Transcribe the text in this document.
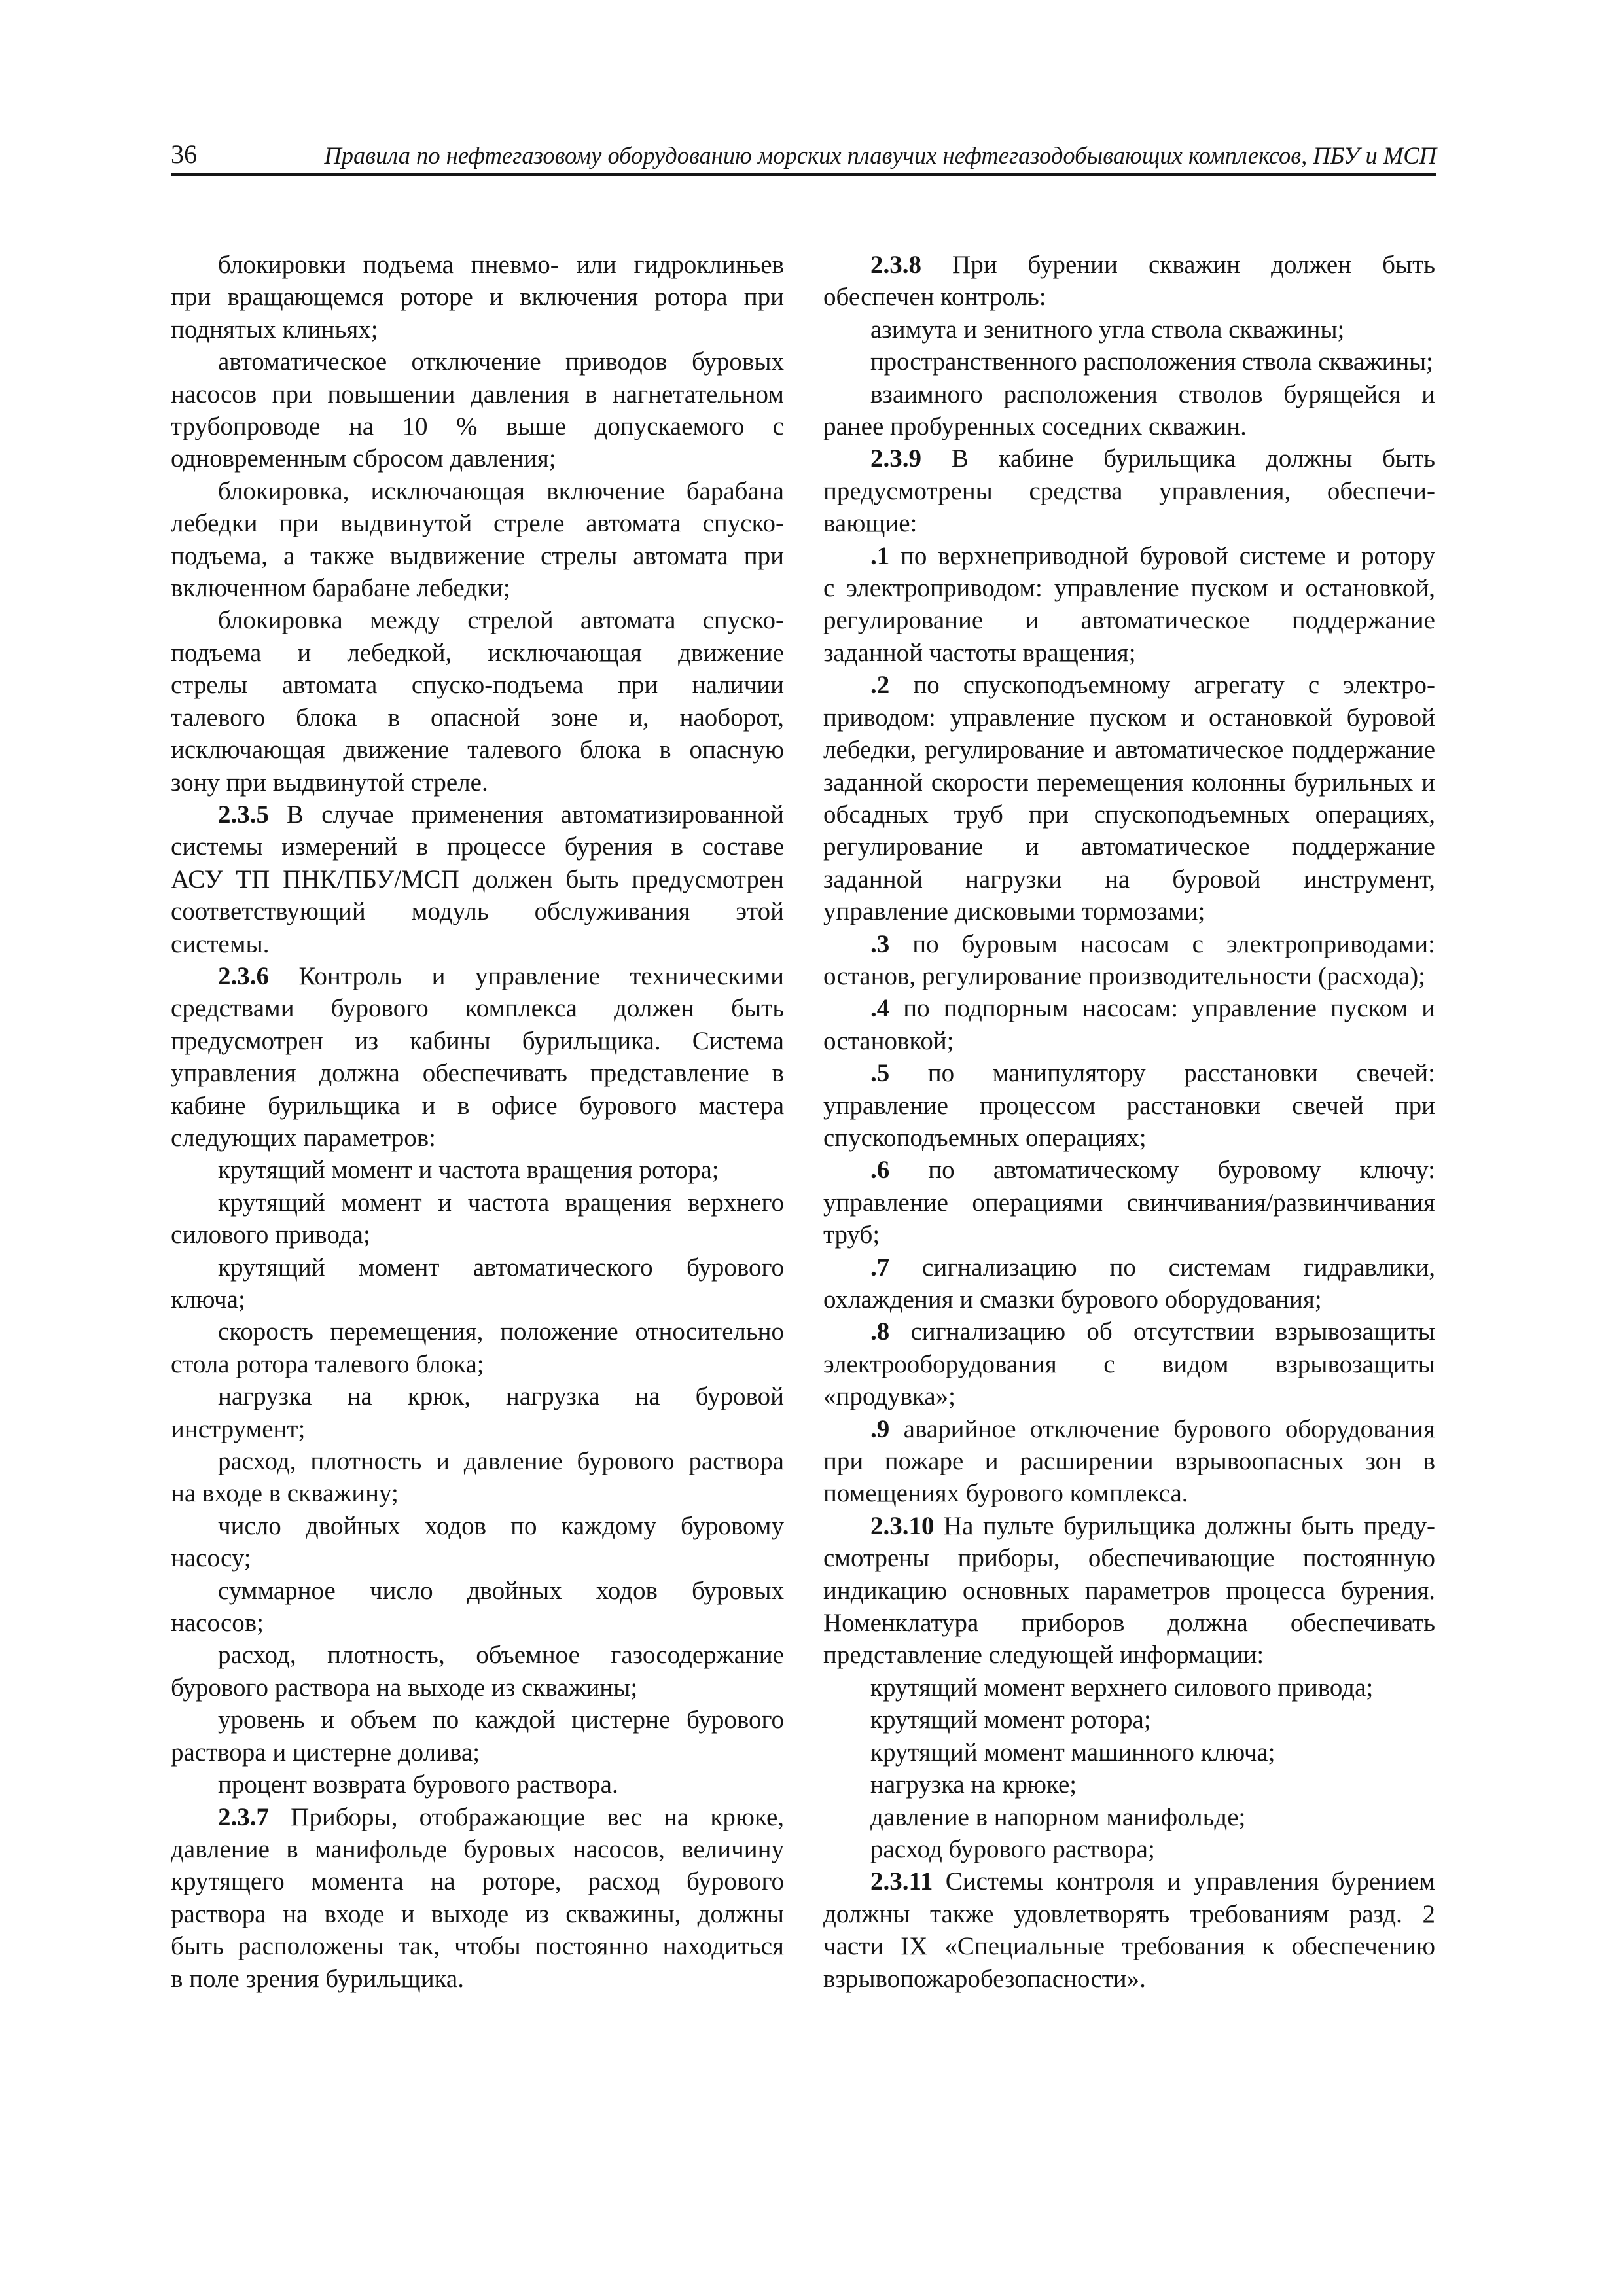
36	Правила по нефтегазовому оборудованию морских плавучих нефтегазодобывающих комплексов, ПБУ и МСП
блокировки подъема пневмо- или гидроклиньев
при вращающемся роторе и включения ротора при
поднятых клиньях;
автоматическое отключение приводов буровых
насосов при повышении давления в нагнетательном
трубопроводе на 10 % выше допускаемого с
одновременным сбросом давления;
блокировка, исключающая включение барабана
лебедки при выдвинутой стреле автомата спуско-
подъема, а также выдвижение стрелы автомата при
включенном барабане лебедки;
блокировка между стрелой автомата спуско-
подъема и лебедкой, исключающая движение
стрелы автомата спуско-подъема при наличии
талевого блока в опасной зоне и, наоборот,
исключающая движение талевого блока в опасную
зону при выдвинутой стреле.
2.3.5 В случае применения автоматизированной
системы измерений в процессе бурения в составе
АСУ ТП ПНК/ПБУ/МСП должен быть предусмотрен
соответствующий модуль обслуживания этой
системы.
2.3.6 Контроль и управление техническими
средствами бурового комплекса должен быть
предусмотрен из кабины бурильщика. Система
управления должна обеспечивать представление в
кабине бурильщика и в офисе бурового мастера
следующих параметров:
крутящий момент и частота вращения ротора;
крутящий момент и частота вращения верхнего
силового привода;
крутящий момент автоматического бурового
ключа;
скорость перемещения, положение относительно
стола ротора талевого блока;
нагрузка на крюк, нагрузка на буровой
инструмент;
расход, плотность и давление бурового раствора
на входе в скважину;
число двойных ходов по каждому буровому
насосу;
суммарное число двойных ходов буровых
насосов;
расход, плотность, объемное газосодержание
бурового раствора на выходе из скважины;
уровень и объем по каждой цистерне бурового
раствора и цистерне долива;
процент возврата бурового раствора.
2.3.7 Приборы, отображающие вес на крюке,
давление в манифольде буровых насосов, величину
крутящего момента на роторе, расход бурового
раствора на входе и выходе из скважины, должны
быть расположены так, чтобы постоянно находиться
в поле зрения бурильщика.
2.3.8 При бурении скважин должен быть
обеспечен контроль:
азимута и зенитного угла ствола скважины;
пространственного расположения ствола скважины;
взаимного расположения стволов бурящейся и
ранее пробуренных соседних скважин.
2.3.9 В кабине бурильщика должны быть
предусмотрены средства управления, обеспечи-
вающие:
.1 по верхнеприводной буровой системе и ротору
с электроприводом: управление пуском и остановкой,
регулирование и автоматическое поддержание
заданной частоты вращения;
.2 по спускоподъемному агрегату с электро-
приводом: управление пуском и остановкой буровой
лебедки, регулирование и автоматическое поддержание
заданной скорости перемещения колонны бурильных и
обсадных труб при спускоподъемных операциях,
регулирование и автоматическое поддержание
заданной нагрузки на буровой инструмент,
управление дисковыми тормозами;
.3 по буровым насосам с электроприводами:
останов, регулирование производительности (расхода);
.4 по подпорным насосам: управление пуском и
остановкой;
.5 по манипулятору расстановки свечей:
управление процессом расстановки свечей при
спускоподъемных операциях;
.6 по автоматическому буровому ключу:
управление операциями свинчивания/развинчивания
труб;
.7 сигнализацию по системам гидравлики,
охлаждения и смазки бурового оборудования;
.8 сигнализацию об отсутствии взрывозащиты
электрооборудования с видом взрывозащиты
«продувка»;
.9 аварийное отключение бурового оборудования
при пожаре и расширении взрывоопасных зон в
помещениях бурового комплекса.
2.3.10 На пульте бурильщика должны быть преду-
смотрены приборы, обеспечивающие постоянную
индикацию основных параметров процесса бурения.
Номенклатура приборов должна обеспечивать
представление следующей информации:
крутящий момент верхнего силового привода;
крутящий момент ротора;
крутящий момент машинного ключа;
нагрузка на крюке;
давление в напорном манифольде;
расход бурового раствора;
2.3.11 Системы контроля и управления бурением
должны также удовлетворять требованиям разд. 2
части IX «Специальные требования к обеспечению
взрывопожаробезопасности».
